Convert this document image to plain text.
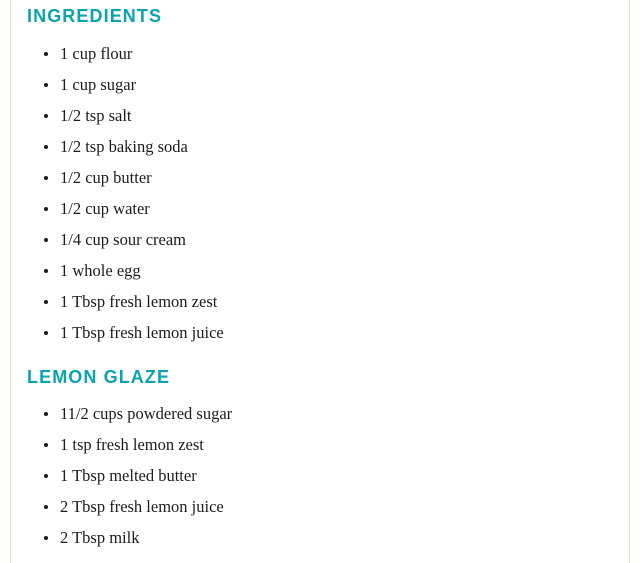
INGREDIENTS
1 cup flour
1 cup sugar
1/2 tsp salt
1/2 tsp baking soda
1/2 cup butter
1/2 cup water
1/4 cup sour cream
1 whole egg
1 Tbsp fresh lemon zest
1 Tbsp fresh lemon juice
LEMON GLAZE
11/2 cups powdered sugar
1 tsp fresh lemon zest
1 Tbsp melted butter
2 Tbsp fresh lemon juice
2 Tbsp milk
